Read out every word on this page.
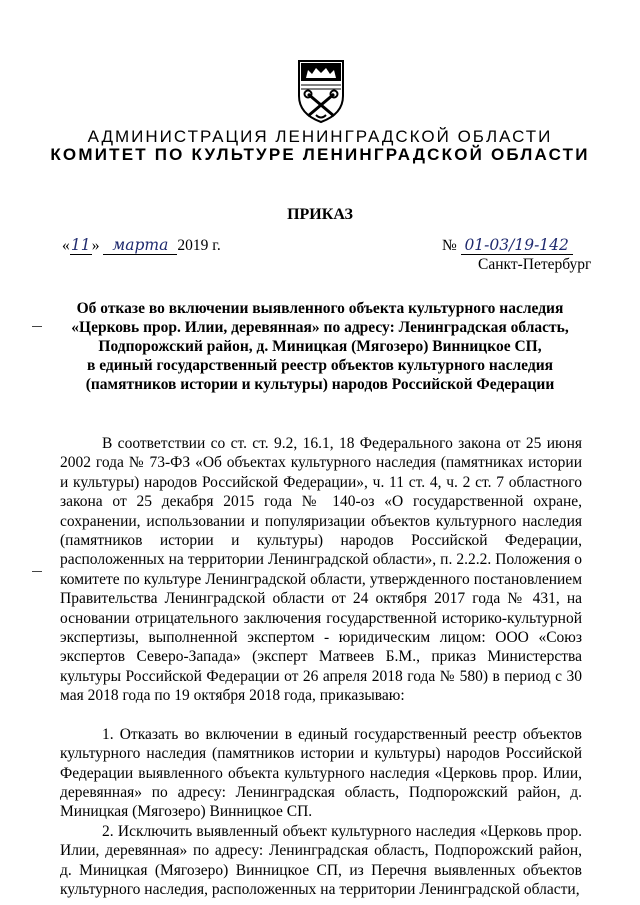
АДМИНИСТРАЦИЯ ЛЕНИНГРАДСКОЙ ОБЛАСТИ
КОМИТЕТ ПО КУЛЬТУРЕ ЛЕНИНГРАДСКОЙ ОБЛАСТИ
ПРИКАЗ
«11» марта 2019 г.	№ 01-03/19-142
Санкт-Петербург
Об отказе во включении выявленного объекта культурного наследия
«Церковь прор. Илии, деревянная» по адресу: Ленинградская область,
Подпорожский район, д. Миницкая (Мягозеро) Винницкое СП,
в единый государственный реестр объектов культурного наследия
(памятников истории и культуры) народов Российской Федерации

В соответствии со ст. ст. 9.2, 16.1, 18 Федерального закона от 25 июня 2002 года № 73-ФЗ «Об объектах культурного наследия (памятниках истории и культуры) народов Российской Федерации», ч. 11 ст. 4, ч. 2 ст. 7 областного закона от 25 декабря 2015 года № 140-оз «О государственной охране, сохранении, использовании и популяризации объектов культурного наследия (памятников истории и культуры) народов Российской Федерации, расположенных на территории Ленинградской области», п. 2.2.2. Положения о комитете по культуре Ленинградской области, утвержденного постановлением Правительства Ленинградской области от 24 октября 2017 года № 431, на основании отрицательного заключения государственной историко-культурной экспертизы, выполненной экспертом - юридическим лицом: ООО «Союз экспертов Северо-Запада» (эксперт Матвеев Б.М., приказ Министерства культуры Российской Федерации от 26 апреля 2018 года № 580) в период с 30 мая 2018 года по 19 октября 2018 года, приказываю:

1. Отказать во включении в единый государственный реестр объектов культурного наследия (памятников истории и культуры) народов Российской Федерации выявленного объекта культурного наследия «Церковь прор. Илии, деревянная» по адресу: Ленинградская область, Подпорожский район, д. Миницкая (Мягозеро) Винницкое СП.

2. Исключить выявленный объект культурного наследия «Церковь прор. Илии, деревянная» по адресу: Ленинградская область, Подпорожский район, д. Миницкая (Мягозеро) Винницкое СП, из Перечня выявленных объектов культурного наследия, расположенных на территории Ленинградской области,
